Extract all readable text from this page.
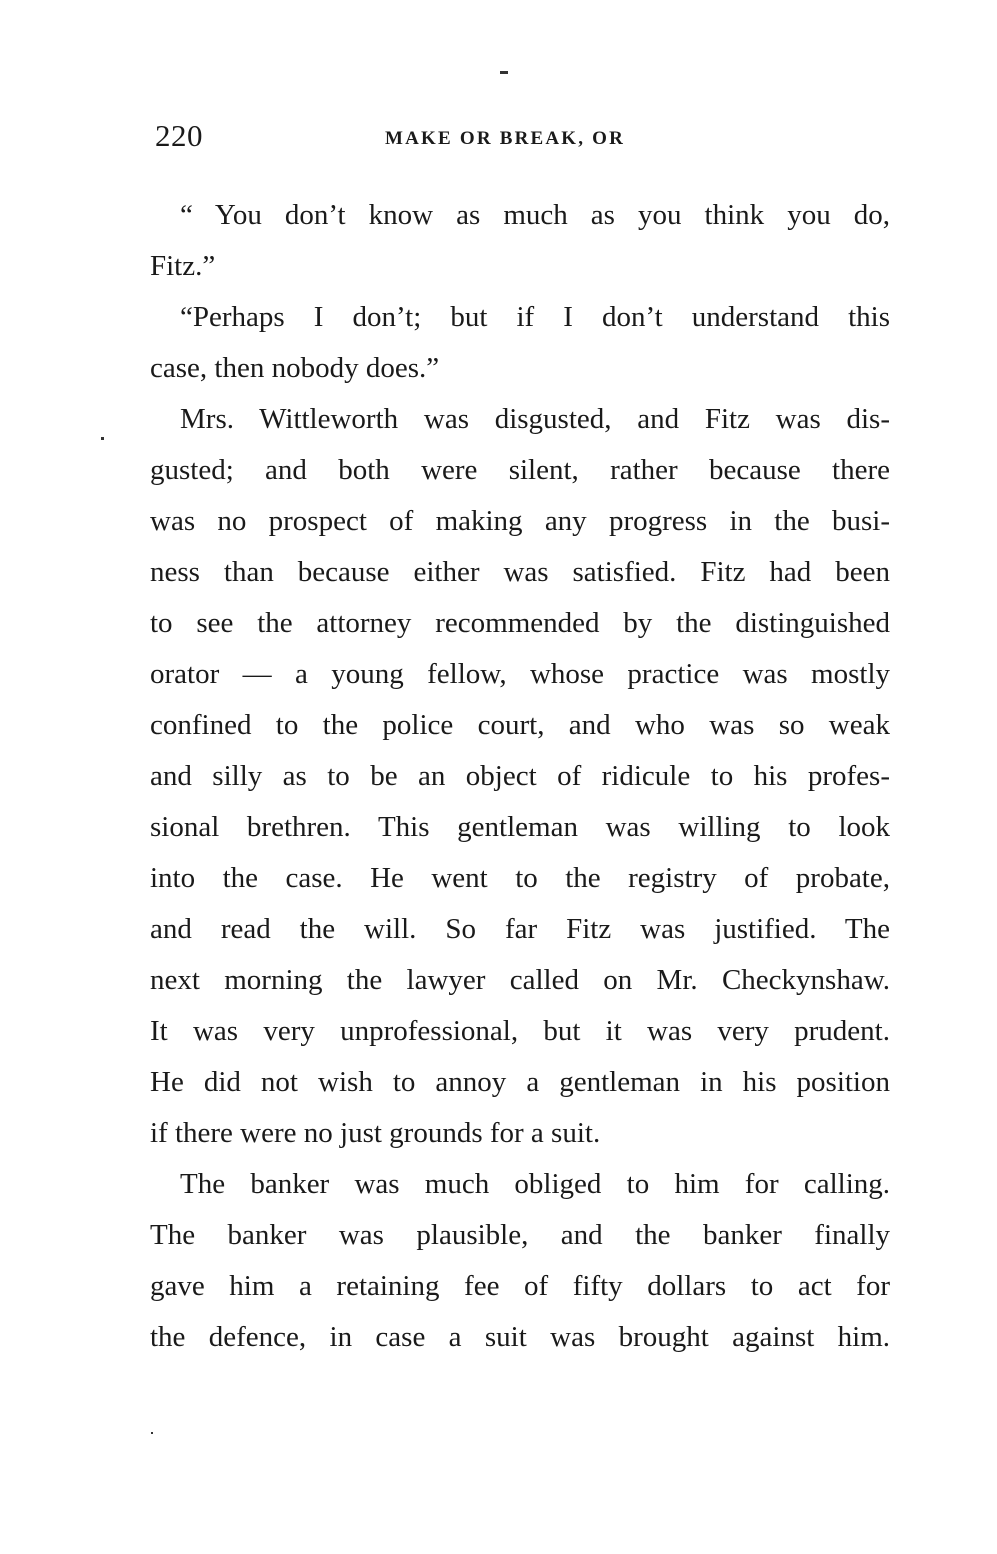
220	MAKE OR BREAK, OR
“ You don’t know as much as you think you do,
Fitz.”
“Perhaps I don’t; but if I don’t understand this
case, then nobody does.”
Mrs. Wittleworth was disgusted, and Fitz was dis-
gusted; and both were silent, rather because there
was no prospect of making any progress in the busi-
ness than because either was satisfied. Fitz had been
to see the attorney recommended by the distinguished
orator — a young fellow, whose practice was mostly
confined to the police court, and who was so weak
and silly as to be an object of ridicule to his profes-
sional brethren. This gentleman was willing to look
into the case. He went to the registry of probate,
and read the will. So far Fitz was justified. The
next morning the lawyer called on Mr. Checkynshaw.
It was very unprofessional, but it was very prudent.
He did not wish to annoy a gentleman in his position
if there were no just grounds for a suit.
The banker was much obliged to him for calling.
The banker was plausible, and the banker finally
gave him a retaining fee of fifty dollars to act for
the defence, in case a suit was brought against him.
